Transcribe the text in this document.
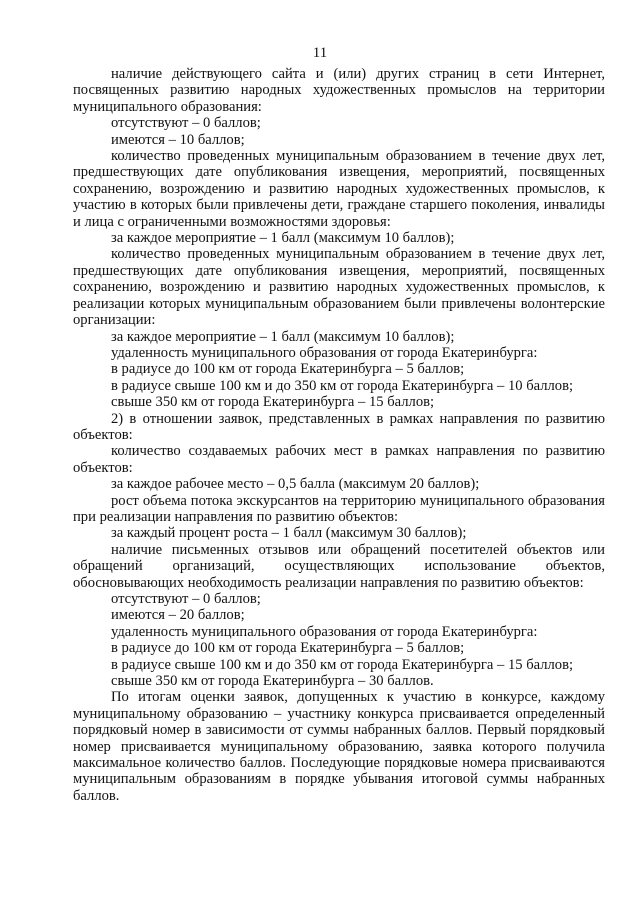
11

наличие действующего сайта и (или) других страниц в сети Интернет, посвященных развитию народных художественных промыслов на территории муниципального образования:

отсутствуют – 0 баллов;

имеются – 10 баллов;

количество проведенных муниципальным образованием в течение двух лет, предшествующих дате опубликования извещения, мероприятий, посвященных сохранению, возрождению и развитию народных художественных промыслов, к участию в которых были привлечены дети, граждане старшего поколения, инвалиды и лица с ограниченными возможностями здоровья:

за каждое мероприятие – 1 балл (максимум 10 баллов);

количество проведенных муниципальным образованием в течение двух лет, предшествующих дате опубликования извещения, мероприятий, посвященных сохранению, возрождению и развитию народных художественных промыслов, к реализации которых муниципальным образованием были привлечены волонтерские организации:

за каждое мероприятие – 1 балл (максимум 10 баллов);

удаленность муниципального образования от города Екатеринбурга:

в радиусе до 100 км от города Екатеринбурга – 5 баллов;

в радиусе свыше 100 км и до 350 км от города Екатеринбурга – 10 баллов;

свыше 350 км от города Екатеринбурга – 15 баллов;

2) в отношении заявок, представленных в рамках направления по развитию объектов:

количество создаваемых рабочих мест в рамках направления по развитию объектов:

за каждое рабочее место – 0,5 балла (максимум 20 баллов);

рост объема потока экскурсантов на территорию муниципального образования при реализации направления по развитию объектов:

за каждый процент роста – 1 балл (максимум 30 баллов);

наличие письменных отзывов или обращений посетителей объектов или обращений организаций, осуществляющих использование объектов, обосновывающих необходимость реализации направления по развитию объектов:

отсутствуют – 0 баллов;

имеются – 20 баллов;

удаленность муниципального образования от города Екатеринбурга:

в радиусе до 100 км от города Екатеринбурга – 5 баллов;

в радиусе свыше 100 км и до 350 км от города Екатеринбурга – 15 баллов;

свыше 350 км от города Екатеринбурга – 30 баллов.

По итогам оценки заявок, допущенных к участию в конкурсе, каждому муниципальному образованию – участнику конкурса присваивается определенный порядковый номер в зависимости от суммы набранных баллов. Первый порядковый номер присваивается муниципальному образованию, заявка которого получила максимальное количество баллов. Последующие порядковые номера присваиваются муниципальным образованиям в порядке убывания итоговой суммы набранных баллов.
